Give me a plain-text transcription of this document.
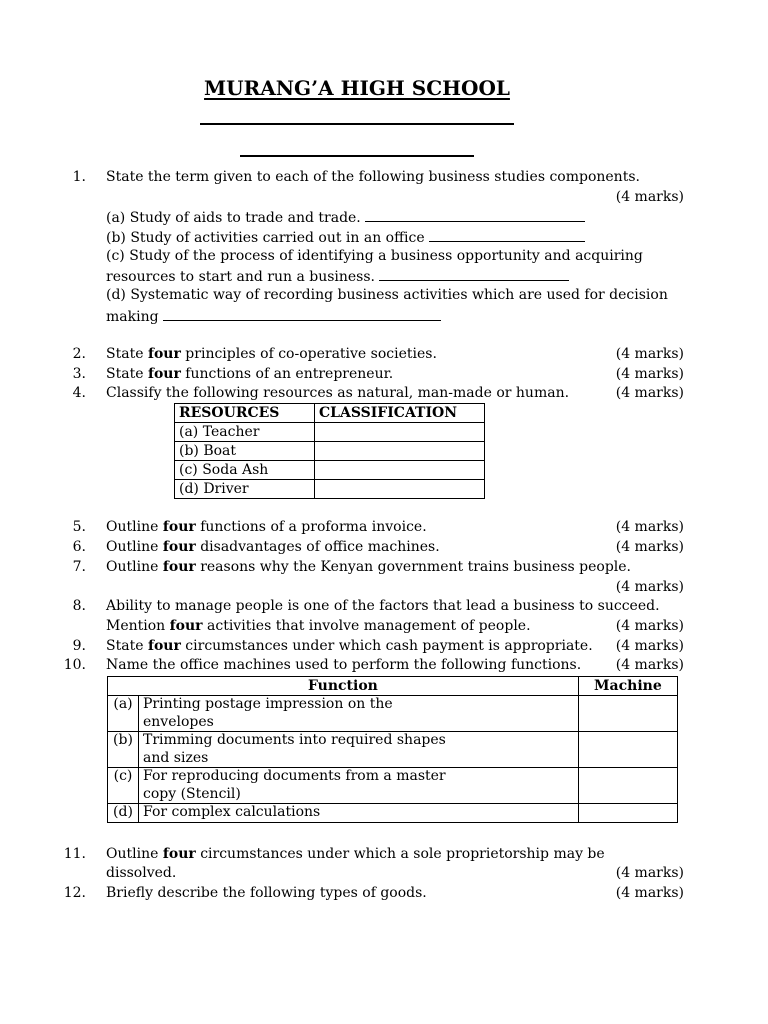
MURANG’A HIGH SCHOOL
1. State the term given to each of the following business studies components.
(4 marks)
(a) Study of aids to trade and trade.
(b) Study of activities carried out in an office
(c) Study of the process of identifying a business opportunity and acquiring
resources to start and run a business.
(d) Systematic way of recording business activities which are used for decision
making
2. State four principles of co-operative societies.	(4 marks)
3. State four functions of an entrepreneur.	(4 marks)
4. Classify the following resources as natural, man-made or human.	(4 marks)
RESOURCES	CLASSIFICATION
(a) Teacher	
(b) Boat	
(c) Soda Ash	
(d) Driver	
5. Outline four functions of a proforma invoice.	(4 marks)
6. Outline four disadvantages of office machines.	(4 marks)
7. Outline four reasons why the Kenyan government trains business people.
(4 marks)
8. Ability to manage people is one of the factors that lead a business to succeed.
Mention four activities that involve management of people.	(4 marks)
9. State four circumstances under which cash payment is appropriate. (4 marks)
10. Name the office machines used to perform the following functions. (4 marks)
Function		Machine
(a)	Printing postage impression on the
envelopes	
(b)	Trimming documents into required shapes
and sizes	
(c)	For reproducing documents from a master
copy (Stencil)	
(d)	For complex calculations	
11. Outline four circumstances under which a sole proprietorship may be
dissolved.	(4 marks)
12. Briefly describe the following types of goods.	(4 marks)
